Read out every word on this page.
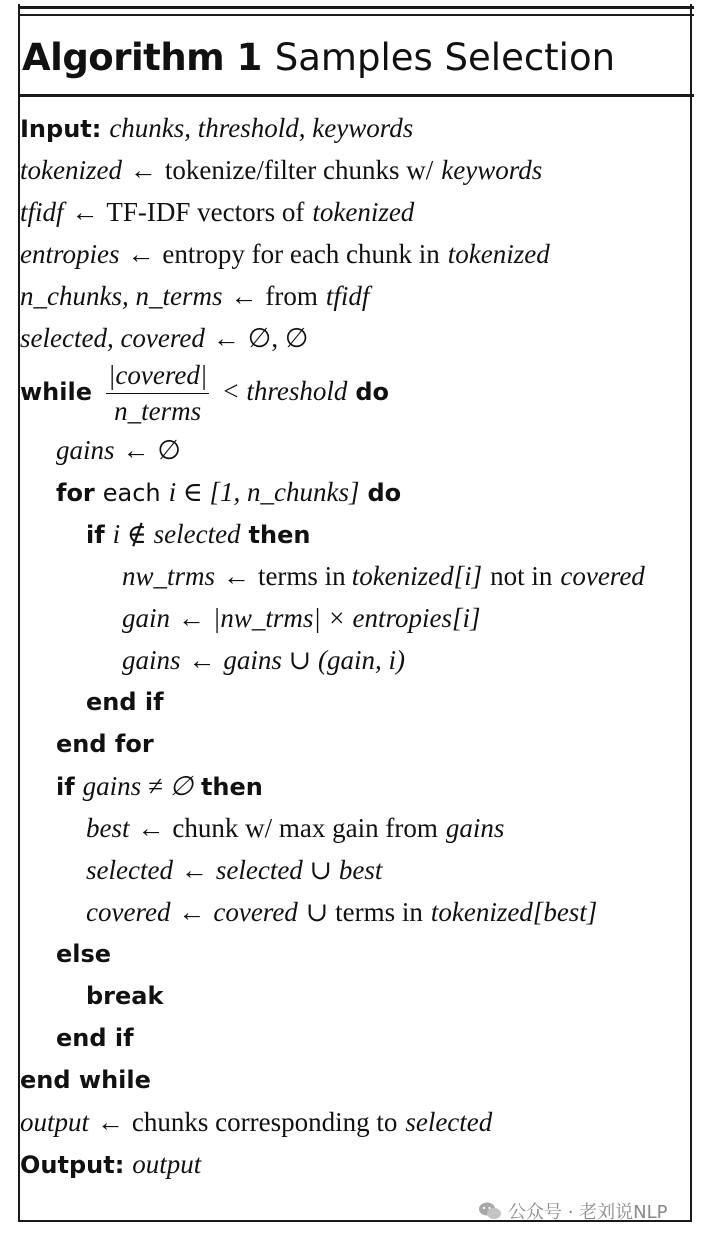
Algorithm 1 Samples Selection
Input: chunks, threshold, keywords
tokenized ← tokenize/filter chunks w/ keywords
tfidf ← TF-IDF vectors of tokenized
entropies ← entropy for each chunk in tokenized
n_chunks, n_terms ← from tfidf
selected, covered ← ∅, ∅
while $\frac{\text{|covered|}}{\text{n\_terms}}$ < threshold do
gains ← ∅
for each i ∈ [1, n_chunks] do
if i ∉ selected then
nw_trms ← terms in tokenized[i] not in covered
gain ← |nw_trms| × entropies[i]
gains ← gains ∪ (gain, i)
end if
end for
if gains ≠ ∅ then
best ← chunk w/ max gain from gains
selected ← selected ∪ best
covered ← covered ∪ terms in tokenized[best]
else
break
end if
end while
output ← chunks corresponding to selected
Output: output
公众号 · 老刘说NLP
